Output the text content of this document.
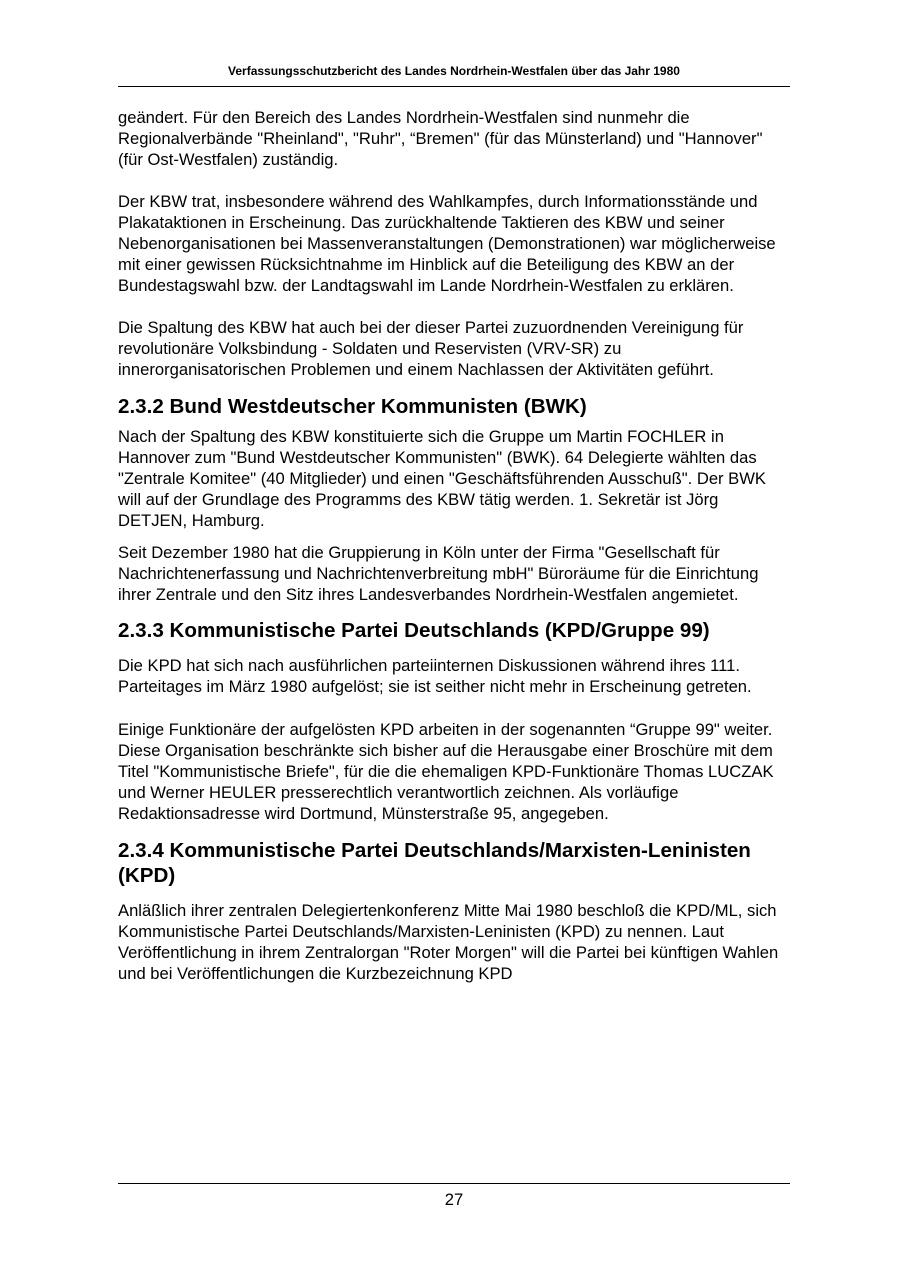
Verfassungsschutzbericht des Landes Nordrhein-Westfalen über das Jahr 1980

geändert. Für den Bereich des Landes Nordrhein-Westfalen sind nunmehr die Regionalverbände "Rheinland", "Ruhr", “Bremen" (für das Münsterland) und "Hannover" (für Ost-Westfalen) zuständig.

Der KBW trat, insbesondere während des Wahlkampfes, durch Informationsstände und Plakataktionen in Erscheinung. Das zurückhaltende Taktieren des KBW und seiner Nebenorganisationen bei Massenveranstaltungen (Demonstrationen) war möglicherweise mit einer gewissen Rücksichtnahme im Hinblick auf die Beteiligung des KBW an der Bundestagswahl bzw. der Landtagswahl im Lande Nordrhein-Westfalen zu erklären.

Die Spaltung des KBW hat auch bei der dieser Partei zuzuordnenden Vereinigung für revolutionäre Volksbindung - Soldaten und Reservisten (VRV-SR) zu innerorganisatorischen Problemen und einem Nachlassen der Aktivitäten geführt.

2.3.2 Bund Westdeutscher Kommunisten (BWK)

Nach der Spaltung des KBW konstituierte sich die Gruppe um Martin FOCHLER in Hannover zum "Bund Westdeutscher Kommunisten" (BWK). 64 Delegierte wählten das "Zentrale Komitee" (40 Mitglieder) und einen "Geschäftsführenden Ausschuß". Der BWK will auf der Grundlage des Programms des KBW tätig werden. 1. Sekretär ist Jörg DETJEN, Hamburg.

Seit Dezember 1980 hat die Gruppierung in Köln unter der Firma "Gesellschaft für Nachrichtenerfassung und Nachrichtenverbreitung mbH" Büroräume für die Einrichtung ihrer Zentrale und den Sitz ihres Landesverbandes Nordrhein-Westfalen angemietet.

2.3.3 Kommunistische Partei Deutschlands (KPD/Gruppe 99)

Die KPD hat sich nach ausführlichen parteiinternen Diskussionen während ihres 111. Parteitages im März 1980 aufgelöst; sie ist seither nicht mehr in Erscheinung getreten.

Einige Funktionäre der aufgelösten KPD arbeiten in der sogenannten “Gruppe 99" weiter. Diese Organisation beschränkte sich bisher auf die Herausgabe einer Broschüre mit dem Titel "Kommunistische Briefe", für die die ehemaligen KPD-Funktionäre Thomas LUCZAK und Werner HEULER presserechtlich verantwortlich zeichnen. Als vorläufige Redaktionsadresse wird Dortmund, Münsterstraße 95, angegeben.

2.3.4 Kommunistische Partei Deutschlands/Marxisten-Leninisten (KPD)

Anläßlich ihrer zentralen Delegiertenkonferenz Mitte Mai 1980 beschloß die KPD/ML, sich Kommunistische Partei Deutschlands/Marxisten-Leninisten (KPD) zu nennen. Laut Veröffentlichung in ihrem Zentralorgan "Roter Morgen" will die Partei bei künftigen Wahlen und bei Veröffentlichungen die Kurzbezeichnung KPD

27
